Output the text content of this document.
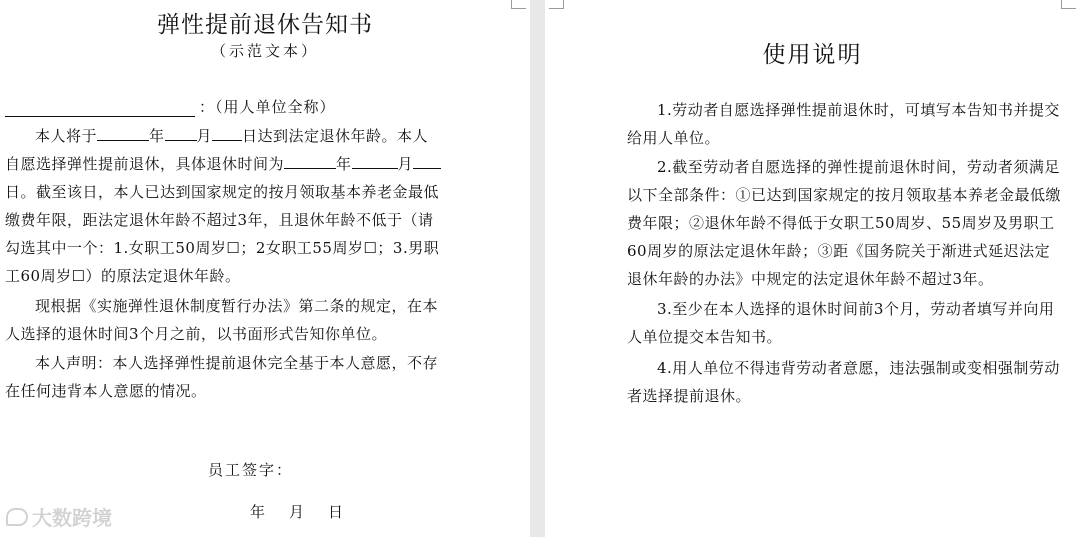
弹性提前退休告知书
（示范文本）
：（用人单位全称）
本人将于	年 月 日达到法定退休年龄。本人
自愿选择弹性提前退休，具体退休时间为	年	月
日。截至该日，本人已达到国家规定的按月领取基本养老金最低
缴费年限，距法定退休年龄不超过3年，且退休年龄不低于（请
勾选其中一个：1.女职工50周岁☐；2女职工55周岁☐；3.男职
工60周岁☐）的原法定退休年龄。
现根据《实施弹性退休制度暂行办法》第二条的规定，在本
人选择的退休时间3个月之前，以书面形式告知你单位。
本人声明：本人选择弹性提前退休完全基于本人意愿，不存
在任何违背本人意愿的情况。
员工签字：
年 月 日
大数跨境
使用说明
1.劳动者自愿选择弹性提前退休时，可填写本告知书并提交
给用人单位。
2.截至劳动者自愿选择的弹性提前退休时间，劳动者须满足
以下全部条件：①已达到国家规定的按月领取基本养老金最低缴
费年限；②退休年龄不得低于女职工50周岁、55周岁及男职工
60周岁的原法定退休年龄；③距《国务院关于渐进式延迟法定
退休年龄的办法》中规定的法定退休年龄不超过3年。
3.至少在本人选择的退休时间前3个月，劳动者填写并向用
人单位提交本告知书。
4.用人单位不得违背劳动者意愿，违法强制或变相强制劳动
者选择提前退休。
